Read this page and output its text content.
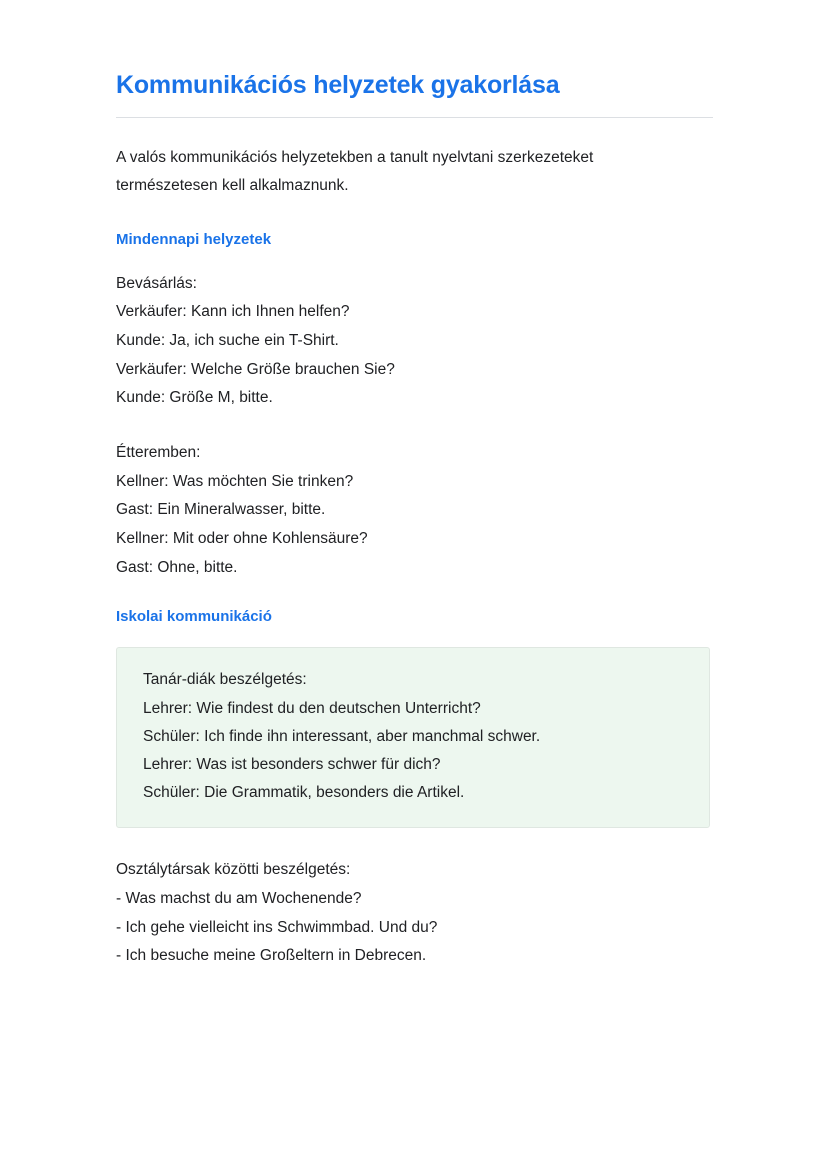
Kommunikációs helyzetek gyakorlása

A valós kommunikációs helyzetekben a tanult nyelvtani szerkezeteket természetesen kell alkalmaznunk.

Mindennapi helyzetek
Bevásárlás:
Verkäufer: Kann ich Ihnen helfen?
Kunde: Ja, ich suche ein T-Shirt.
Verkäufer: Welche Größe brauchen Sie?
Kunde: Größe M, bitte.
Étteremben:
Kellner: Was möchten Sie trinken?
Gast: Ein Mineralwasser, bitte.
Kellner: Mit oder ohne Kohlensäure?
Gast: Ohne, bitte.
Iskolai kommunikáció
Tanár-diák beszélgetés:
Lehrer: Wie findest du den deutschen Unterricht?
Schüler: Ich finde ihn interessant, aber manchmal schwer.
Lehrer: Was ist besonders schwer für dich?
Schüler: Die Grammatik, besonders die Artikel.
Osztálytársak közötti beszélgetés:
- Was machst du am Wochenende?
- Ich gehe vielleicht ins Schwimmbad. Und du?
- Ich besuche meine Großeltern in Debrecen.
